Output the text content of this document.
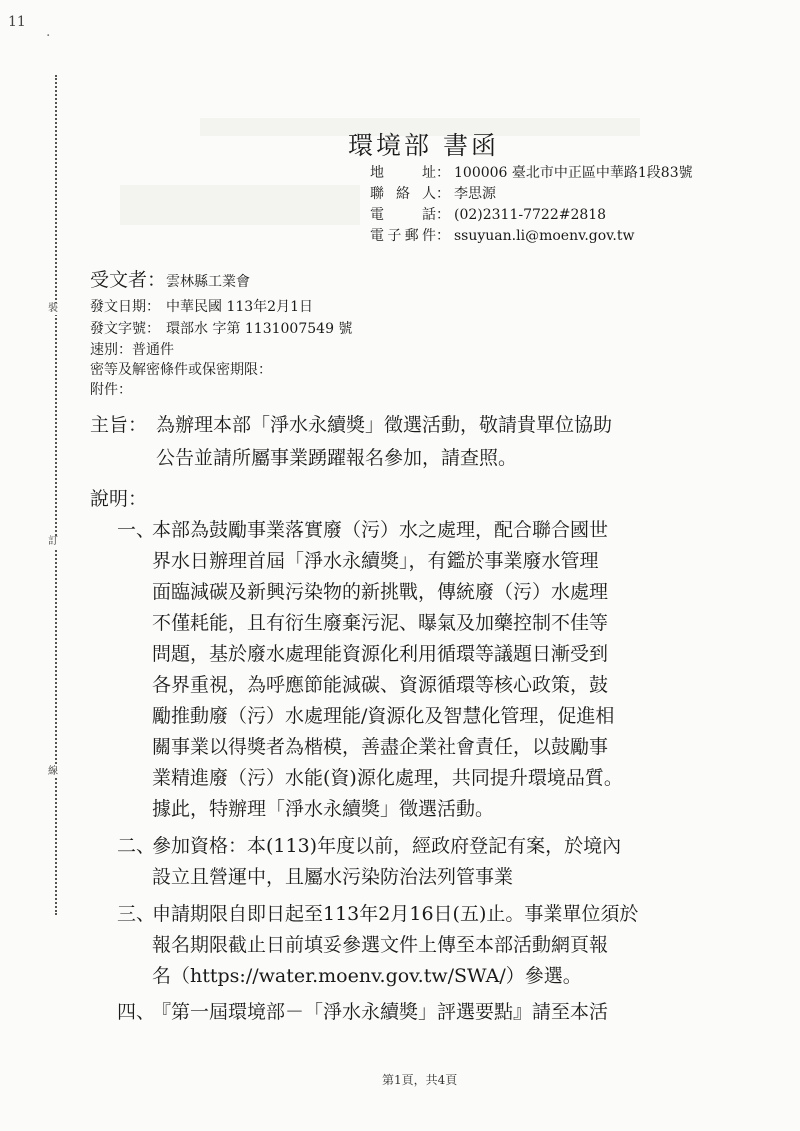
11
·
裝
訂
線
環境部 書函
地址： 100006 臺北市中正區中華路1段83號
聯絡人： 李思源
電話： (02)2311-7722#2818
電子郵件： ssuyuan.li@moenv.gov.tw
受文者：雲林縣工業會
發文日期： 中華民國 113年2月1日
發文字號： 環部水 字第 1131007549 號
速別：普通件
密等及解密條件或保密期限：
附件：
主旨： 為辦理本部「淨水永續獎」徵選活動，敬請貴單位協助
公告並請所屬事業踴躍報名參加，請查照。
說明：
一、
本部為鼓勵事業落實廢（污）水之處理，配合聯合國世
界水日辦理首屆「淨水永續獎」，有鑑於事業廢水管理
面臨減碳及新興污染物的新挑戰，傳統廢（污）水處理
不僅耗能，且有衍生廢棄污泥、曝氣及加藥控制不佳等
問題，基於廢水處理能資源化利用循環等議題日漸受到
各界重視，為呼應節能減碳、資源循環等核心政策，鼓
勵推動廢（污）水處理能/資源化及智慧化管理，促進相
關事業以得獎者為楷模，善盡企業社會責任，以鼓勵事
業精進廢（污）水能(資)源化處理，共同提升環境品質。
據此，特辦理「淨水永續獎」徵選活動。
二、
參加資格：本(113)年度以前，經政府登記有案，於境內
設立且營運中，且屬水污染防治法列管事業
三、
申請期限自即日起至113年2月16日(五)止。事業單位須於
報名期限截止日前填妥參選文件上傳至本部活動網頁報
名（https://water.moenv.gov.tw/SWA/）參選。
四、
『第一屆環境部－「淨水永續獎」評選要點』請至本活
第1頁，共4頁
